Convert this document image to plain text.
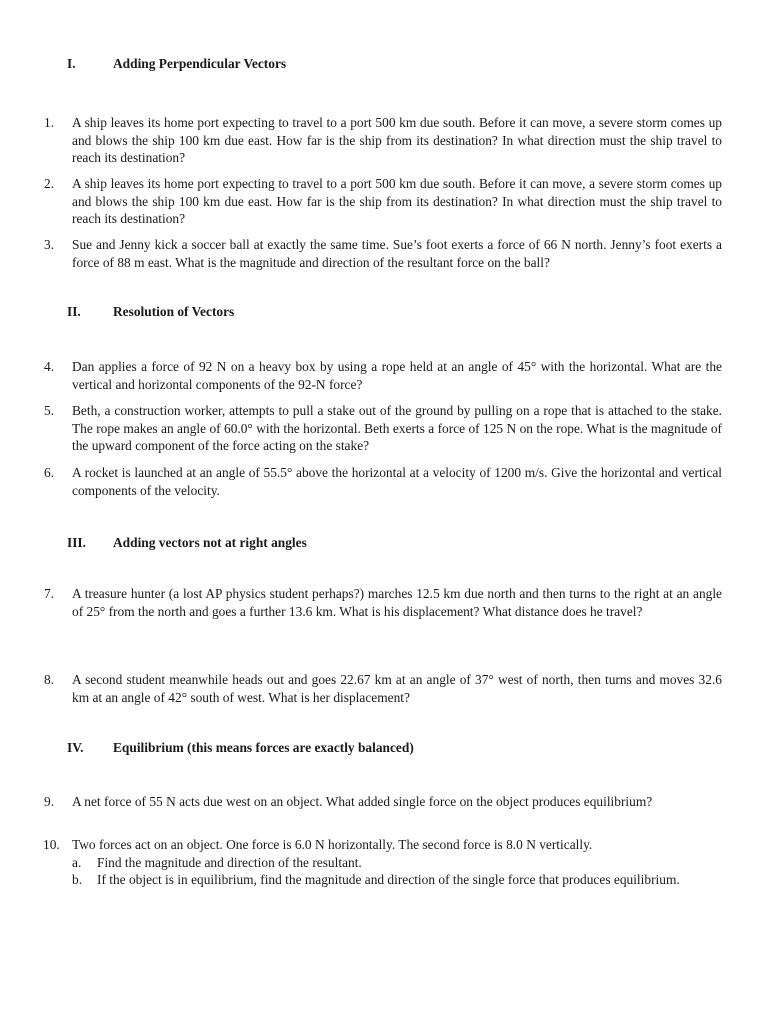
I.	Adding Perpendicular Vectors
1.	A ship leaves its home port expecting to travel to a port 500 km due south. Before it can move, a severe storm comes up and blows the ship 100 km due east. How far is the ship from its destination? In what direction must the ship travel to reach its destination?
2.	A ship leaves its home port expecting to travel to a port 500 km due south. Before it can move, a severe storm comes up and blows the ship 100 km due east. How far is the ship from its destination? In what direction must the ship travel to reach its destination?
3.	Sue and Jenny kick a soccer ball at exactly the same time. Sue’s foot exerts a force of 66 N north. Jenny’s foot exerts a force of 88 m east. What is the magnitude and direction of the resultant force on the ball?
II. Resolution of Vectors
4.	Dan applies a force of 92 N on a heavy box by using a rope held at an angle of 45° with the horizontal. What are the vertical and horizontal components of the 92-N force?
5.	Beth, a construction worker, attempts to pull a stake out of the ground by pulling on a rope that is attached to the stake. The rope makes an angle of 60.0° with the horizontal. Beth exerts a force of 125 N on the rope. What is the magnitude of the upward component of the force acting on the stake?
6.	A rocket is launched at an angle of 55.5° above the horizontal at a velocity of 1200 m/s. Give the horizontal and vertical components of the velocity.
III. Adding vectors not at right angles
7.	A treasure hunter (a lost AP physics student perhaps?) marches 12.5 km due north and then turns to the right at an angle of 25° from the north and goes a further 13.6 km. What is his displacement? What distance does he travel?
8.	A second student meanwhile heads out and goes 22.67 km at an angle of 37° west of north, then turns and moves 32.6 km at an angle of 42° south of west. What is her displacement?
IV. Equilibrium (this means forces are exactly balanced)
9.	A net force of 55 N acts due west on an object. What added single force on the object produces equilibrium?
10. Two forces act on an object. One force is 6.0 N horizontally. The second force is 8.0 N vertically.
a. Find the magnitude and direction of the resultant.
b. If the object is in equilibrium, find the magnitude and direction of the single force that produces equilibrium.
